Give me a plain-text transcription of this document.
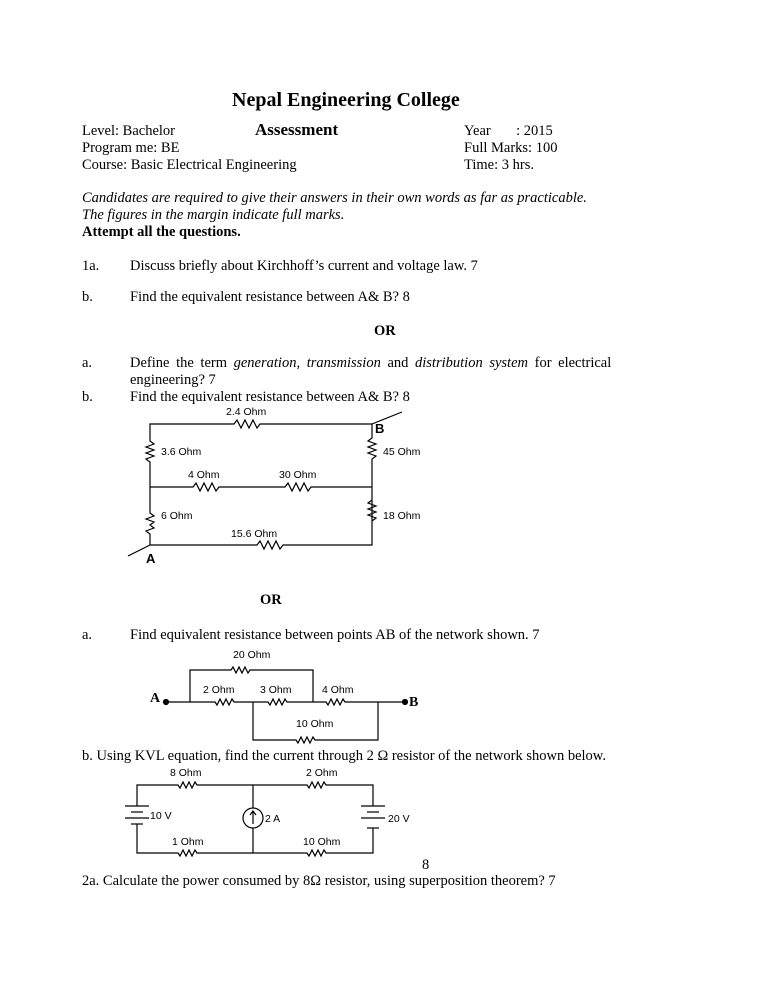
Nepal Engineering College
Level: Bachelor	Assessment
Program me: BE
Course: Basic Electrical Engineering
Year       : 2015
Full Marks: 100
Time: 3 hrs.
Candidates are required to give their answers in their own words as far as practicable.
The figures in the margin indicate full marks.
Attempt all the questions.
1a. Discuss briefly about Kirchhoff’s current and voltage law. 7
b.	Find the equivalent resistance between A& B? 8
OR
a.	Define the term generation, transmission and distribution system for electrical
engineering? 7
b.	Find the equivalent resistance between A& B? 8
OR
a.	Find equivalent resistance between points AB of the network shown. 7
b. Using KVL equation, find the current through 2 Ω resistor of the network shown below.
8
2a. Calculate the power consumed by 8Ω resistor, using superposition theorem? 7
2.4 Ohm
3.6 Ohm	45 Ohm
4 Ohm	30 Ohm
6 Ohm	18 Ohm
15.6 Ohm
A
B
20 Ohm
2 Ohm 3 Ohm	4 Ohm
10 Ohm
A	B
8 Ohm	2 Ohm
1 Ohm	10 Ohm
10 V	2 A	20 V
